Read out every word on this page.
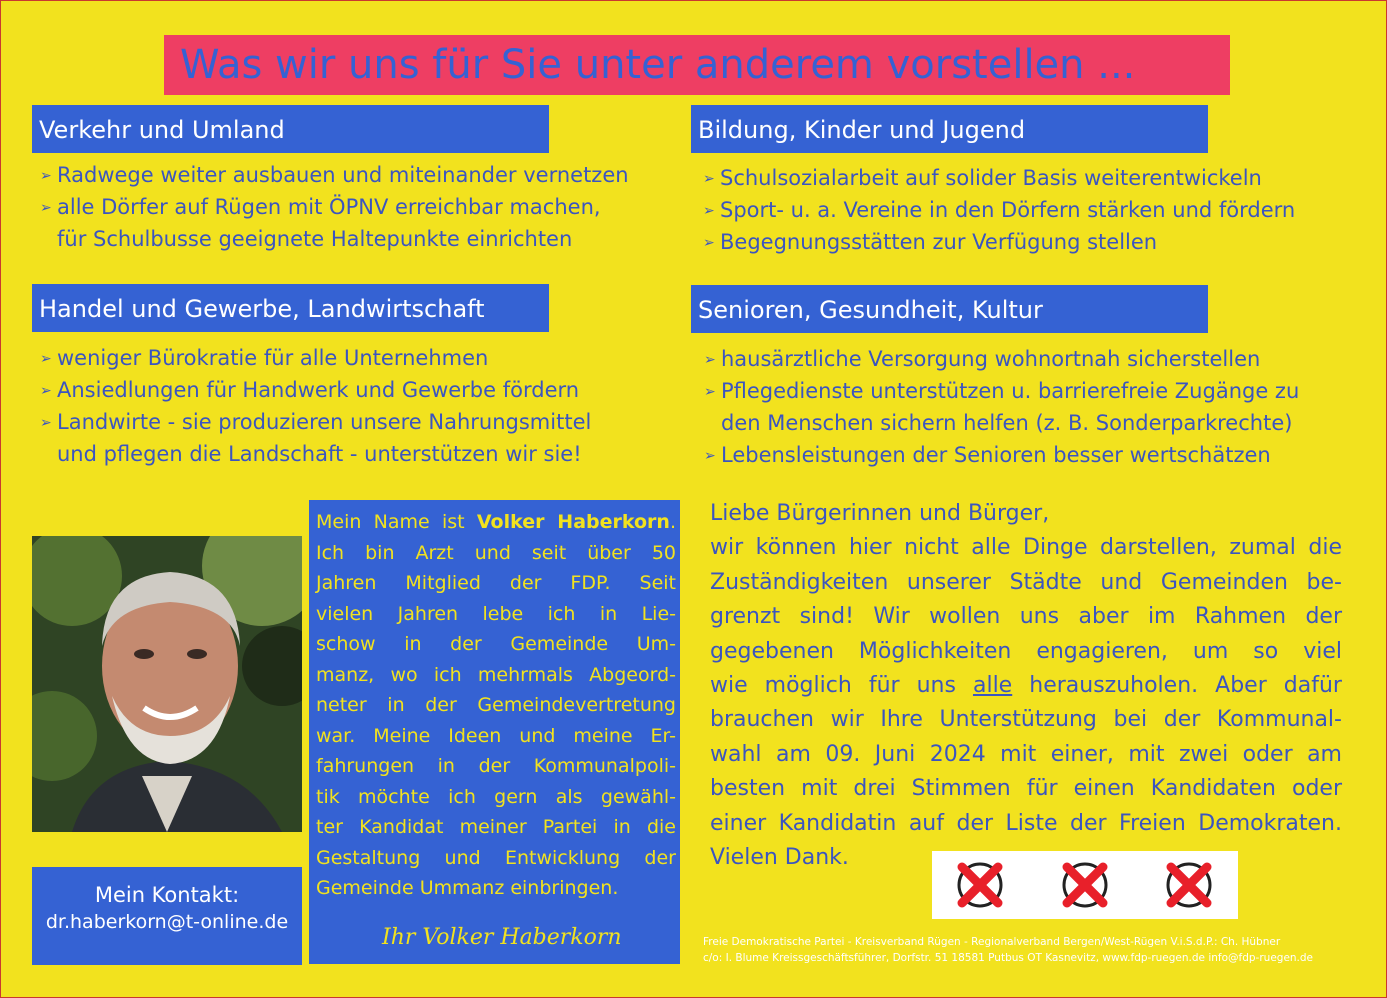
Was wir uns für Sie unter anderem vorstellen ...
Verkehr und Umland
➢ Radwege weiter ausbauen und miteinander vernetzen
➢ alle Dörfer auf Rügen mit ÖPNV erreichbar machen,
für Schulbusse geeignete Haltepunkte einrichten
Bildung, Kinder und Jugend
➢ Schulsozialarbeit auf solider Basis weiterentwickeln
➢ Sport- u. a. Vereine in den Dörfern stärken und fördern
➢ Begegnungsstätten zur Verfügung stellen
Handel und Gewerbe, Landwirtschaft
➢ weniger Bürokratie für alle Unternehmen
➢ Ansiedlungen für Handwerk und Gewerbe fördern
➢ Landwirte - sie produzieren unsere Nahrungsmittel
und pflegen die Landschaft - unterstützen wir sie!
Senioren, Gesundheit, Kultur
➢ hausärztliche Versorgung wohnortnah sicherstellen
➢ Pflegedienste unterstützen u. barrierefreie Zugänge zu
den Menschen sichern helfen (z. B. Sonderparkrechte)
➢ Lebensleistungen der Senioren besser wertschätzen
Mein Kontakt:
dr.haberkorn@t-online.de
Mein Name ist Volker Haberkorn.
Ich bin Arzt und seit über 50
Jahren Mitglied der FDP. Seit
vielen Jahren lebe ich in Lie-
schow in der Gemeinde Um-
manz, wo ich mehrmals Abgeord-
neter in der Gemeindevertretung
war. Meine Ideen und meine Er-
fahrungen in der Kommunalpoli-
tik möchte ich gern als gewähl-
ter Kandidat meiner Partei in die
Gestaltung und Entwicklung der
Gemeinde Ummanz einbringen.
Ihr Volker Haberkorn
Liebe Bürgerinnen und Bürger,
wir können hier nicht alle Dinge darstellen, zumal die
Zuständigkeiten unserer Städte und Gemeinden be-
grenzt sind! Wir wollen uns aber im Rahmen der
gegebenen Möglichkeiten engagieren, um so viel
wie möglich für uns alle herauszuholen. Aber dafür
brauchen wir Ihre Unterstützung bei der Kommunal-
wahl am 09. Juni 2024 mit einer, mit zwei oder am
besten mit drei Stimmen für einen Kandidaten oder
einer Kandidatin auf der Liste der Freien Demokraten.
Vielen Dank.
Freie Demokratische Partei - Kreisverband Rügen - Regionalverband Bergen/West-Rügen V.i.S.d.P.: Ch. Hübner
c/o: I. Blume Kreissgeschäftsführer, Dorfstr. 51 18581 Putbus OT Kasnevitz, www.fdp-ruegen.de info@fdp-ruegen.de
